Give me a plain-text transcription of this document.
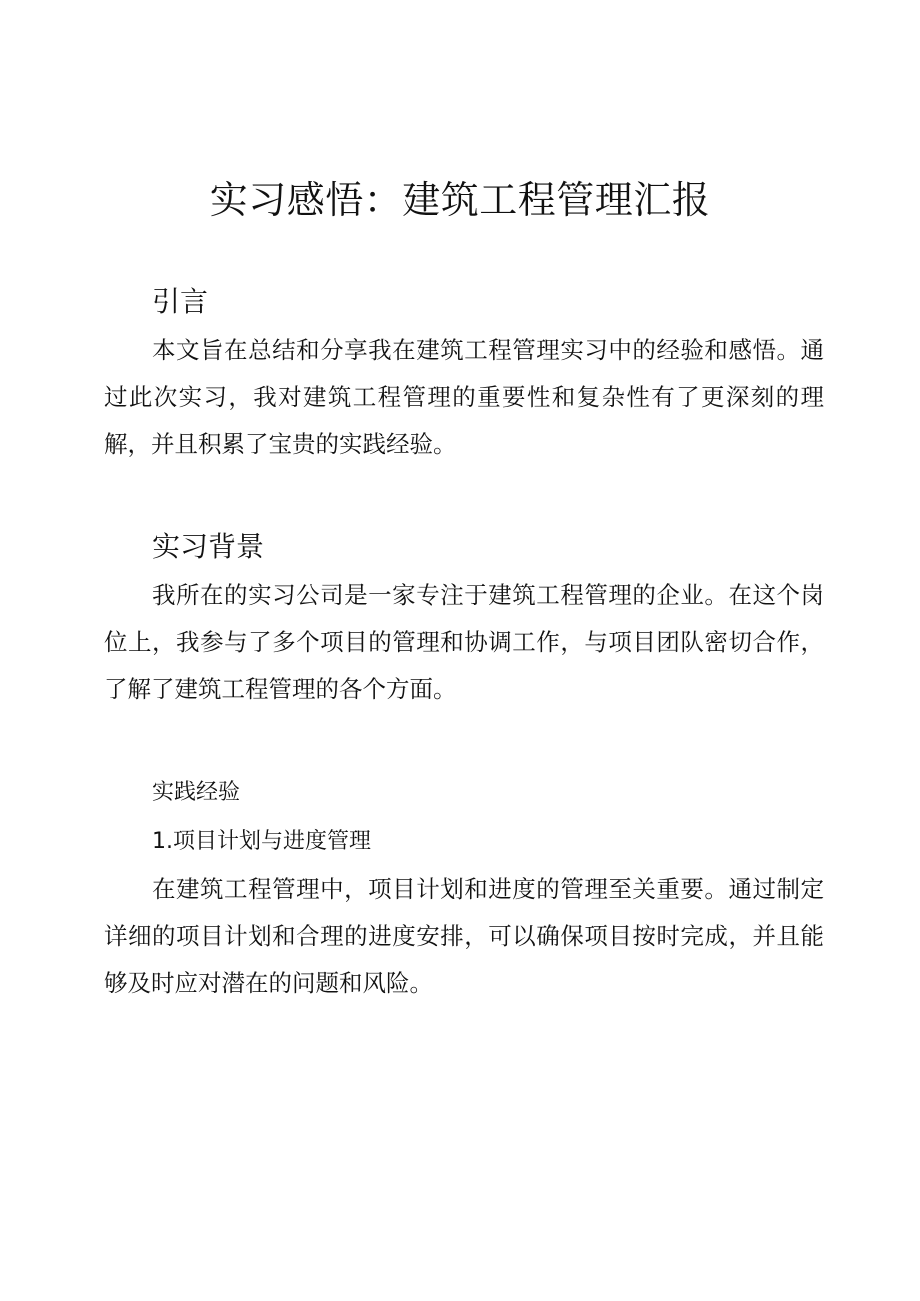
实习感悟：建筑工程管理汇报
引言

本文旨在总结和分享我在建筑工程管理实习中的经验和感悟。通过此次实习，我对建筑工程管理的重要性和复杂性有了更深刻的理解，并且积累了宝贵的实践经验。

实习背景

我所在的实习公司是一家专注于建筑工程管理的企业。在这个岗位上，我参与了多个项目的管理和协调工作，与项目团队密切合作，了解了建筑工程管理的各个方面。

实践经验
1.项目计划与进度管理

在建筑工程管理中，项目计划和进度的管理至关重要。通过制定详细的项目计划和合理的进度安排，可以确保项目按时完成，并且能够及时应对潜在的问题和风险。
